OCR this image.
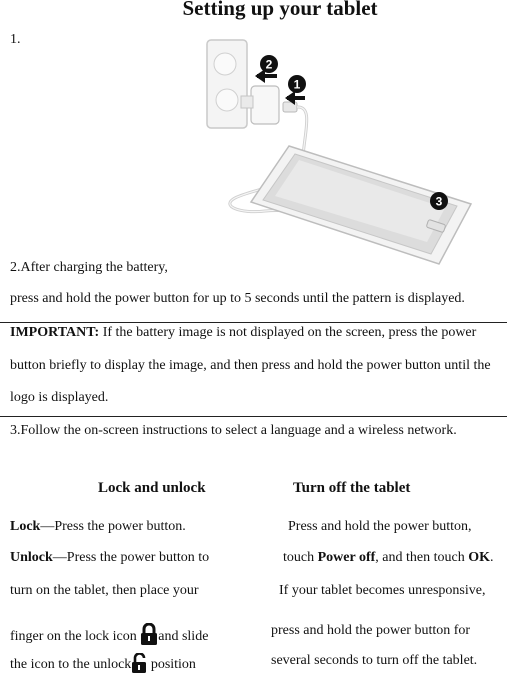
Setting up your tablet
1.
2
1
3
2.After charging the battery,
press and hold the power button for up to 5 seconds until the pattern is displayed.
IMPORTANT: If the battery image is not displayed on the screen, press the power
button briefly to display the image, and then press and hold the power button until the
logo is displayed.
3.Follow the on-screen instructions to select a language and a wireless network.
Lock and unlock	Turn off the tablet
Lock—Press the power button.
Unlock—Press the power button to
turn on the tablet, then place your
finger on the lock icon and slide
the icon to the unlock position
Press and hold the power button,
touch Power off, and then touch OK.
If your tablet becomes unresponsive,
press and hold the power button for
several seconds to turn off the tablet.
